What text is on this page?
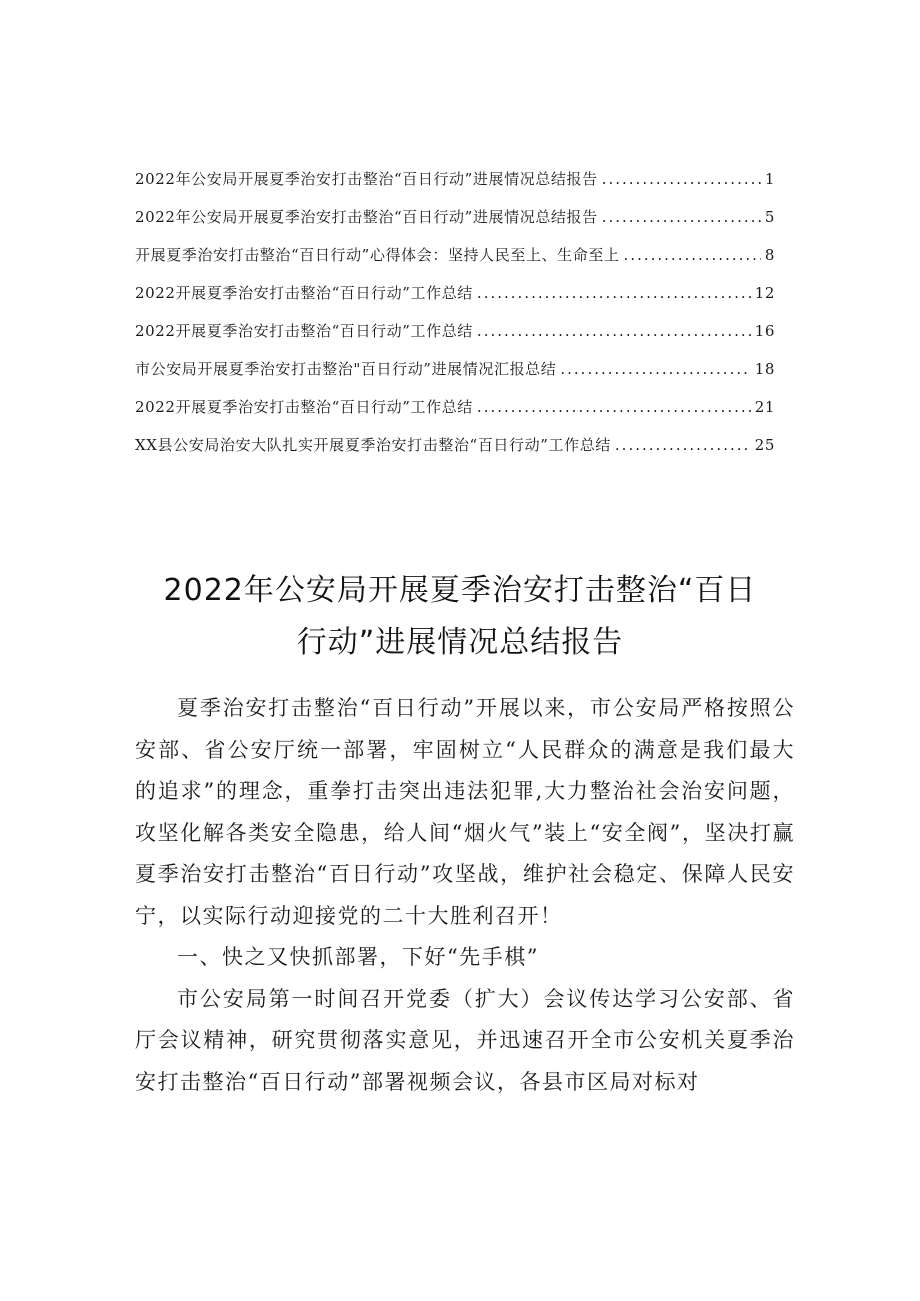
2022年公安局开展夏季治安打击整治“百日行动”进展情况总结报告 .....	1
2022年公安局开展夏季治安打击整治“百日行动”进展情况总结报告 .....	5
开展夏季治安打击整治“百日行动”心得体会：坚持人民至上、生命至上 .....	8
2022开展夏季治安打击整治“百日行动”工作总结 .....	12
2022开展夏季治安打击整治“百日行动”工作总结 .....	16
市公安局开展夏季治安打击整治"百日行动”进展情况汇报总结 .....	18
2022开展夏季治安打击整治“百日行动”工作总结 .....	21
XX县公安局治安大队扎实开展夏季治安打击整治“百日行动”工作总结 .....	25
2022年公安局开展夏季治安打击整治“百日
行动”进展情况总结报告

夏季治安打击整治“百日行动”开展以来，市公安局严格按照公安部、省公安厅统一部署，牢固树立“人民群众的满意是我们最大的追求”的理念，重拳打击突出违法犯罪,大力整治社会治安问题，攻坚化解各类安全隐患，给人间“烟火气”装上“安全阀”，坚决打赢夏季治安打击整治“百日行动”攻坚战，维护社会稳定、保障人民安宁，以实际行动迎接党的二十大胜利召开！

一、快之又快抓部署，下好“先手棋”

市公安局第一时间召开党委（扩大）会议传达学习公安部、省厅会议精神，研究贯彻落实意见，并迅速召开全市公安机关夏季治安打击整治“百日行动”部署视频会议，各县市区局对标对
